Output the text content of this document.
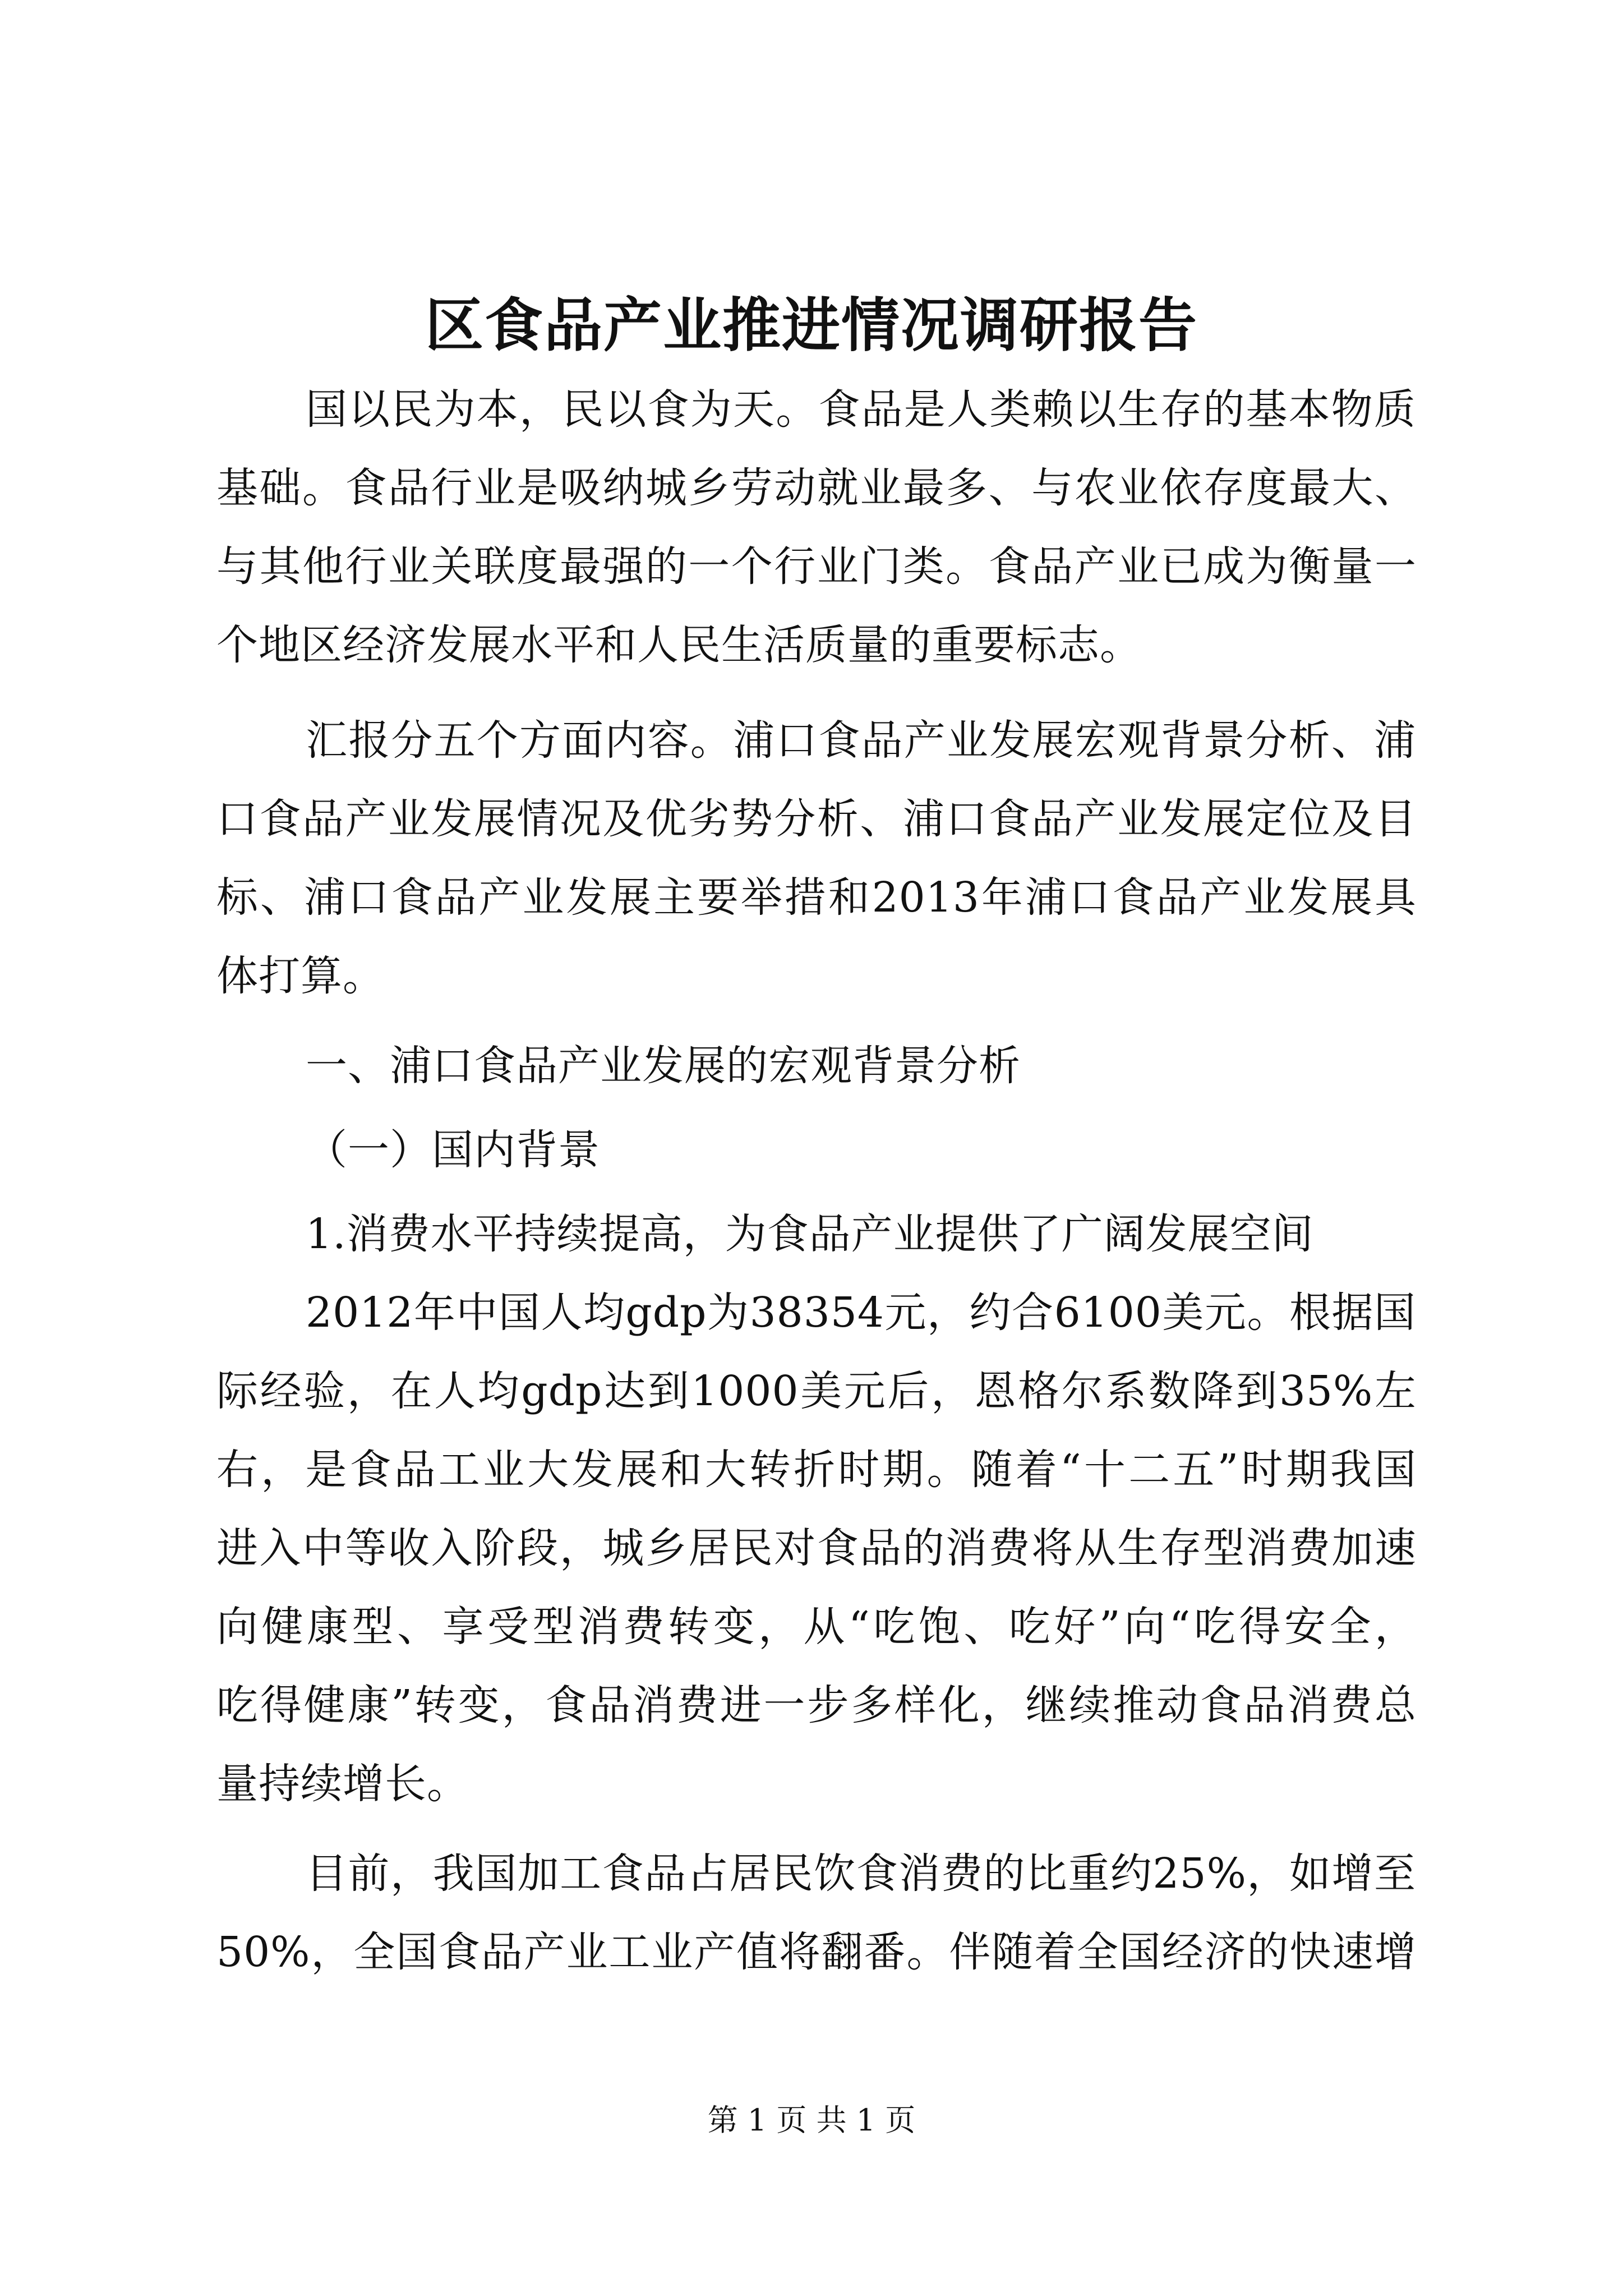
区食品产业推进情况调研报告
国以民为本，民以食为天。食品是人类赖以生存的基本物质
基础。食品行业是吸纳城乡劳动就业最多、与农业依存度最大、
与其他行业关联度最强的一个行业门类。食品产业已成为衡量一
个地区经济发展水平和人民生活质量的重要标志。
汇报分五个方面内容。浦口食品产业发展宏观背景分析、浦
口食品产业发展情况及优劣势分析、浦口食品产业发展定位及目
标、浦口食品产业发展主要举措和2013年浦口食品产业发展具
体打算。
一、浦口食品产业发展的宏观背景分析
（一）国内背景
1.消费水平持续提高，为食品产业提供了广阔发展空间
2012年中国人均gdp为38354元，约合6100美元。根据国
际经验，在人均gdp达到1000美元后，恩格尔系数降到35%左
右，是食品工业大发展和大转折时期。随着“十二五”时期我国
进入中等收入阶段，城乡居民对食品的消费将从生存型消费加速
向健康型、享受型消费转变，从“吃饱、吃好”向“吃得安全，
吃得健康”转变，食品消费进一步多样化，继续推动食品消费总
量持续增长。
目前，我国加工食品占居民饮食消费的比重约25%，如增至
50%，全国食品产业工业产值将翻番。伴随着全国经济的快速增
第 1 页 共 1 页
